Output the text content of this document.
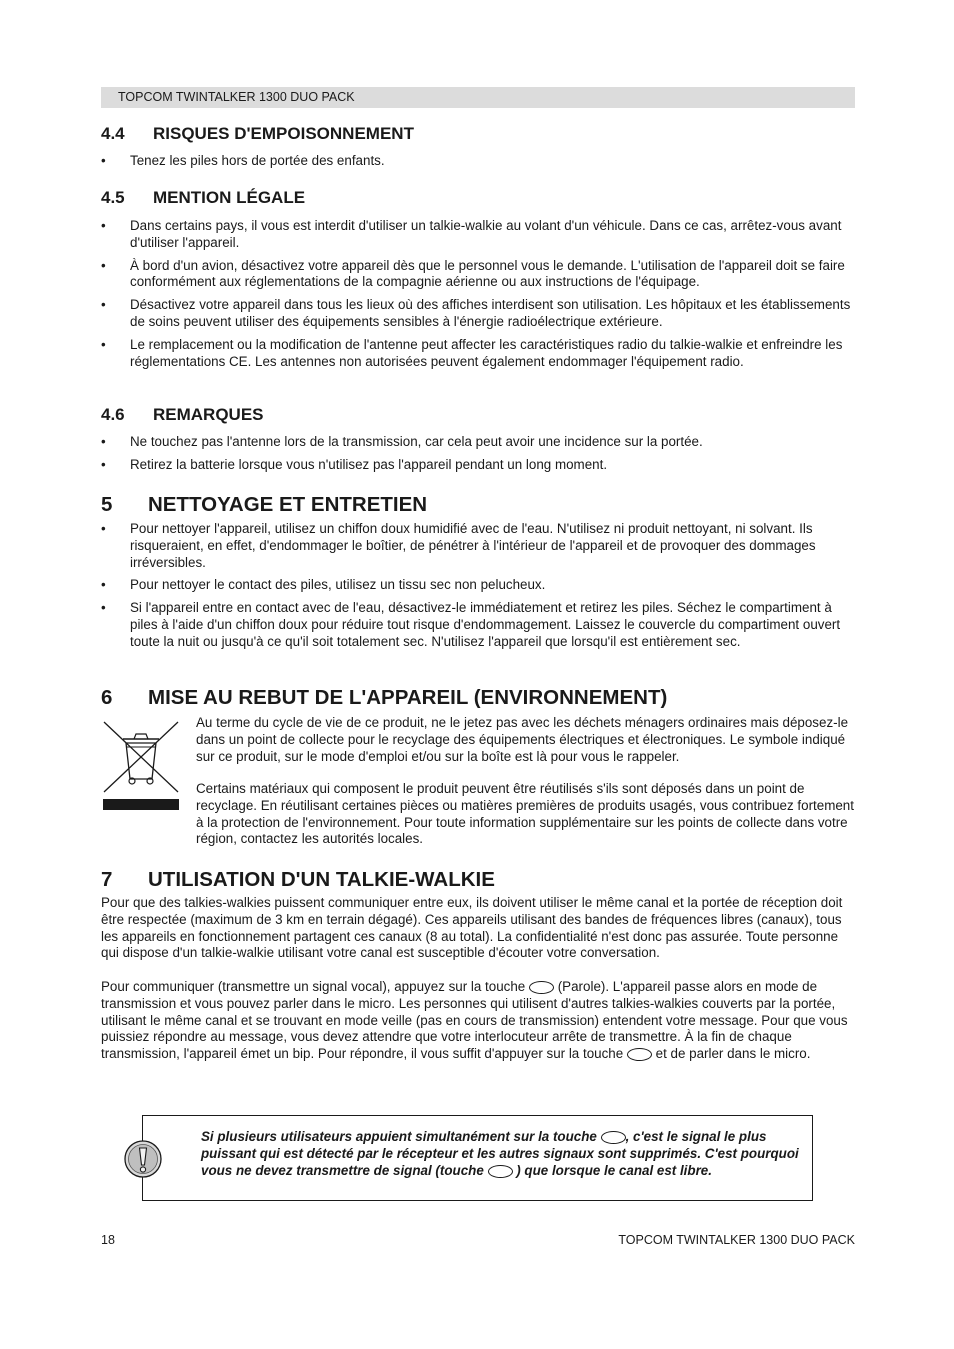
TOPCOM TWINTALKER 1300 DUO PACK
4.4 RISQUES D'EMPOISONNEMENT
• Tenez les piles hors de portée des enfants.
4.5 MENTION LÉGALE
• Dans certains pays, il vous est interdit d'utiliser un talkie-walkie au volant d'un véhicule. Dans ce cas, arrêtez-vous avant d'utiliser l'appareil.
• À bord d'un avion, désactivez votre appareil dès que le personnel vous le demande. L'utilisation de l'appareil doit se faire conformément aux réglementations de la compagnie aérienne ou aux instructions de l'équipage.
• Désactivez votre appareil dans tous les lieux où des affiches interdisent son utilisation. Les hôpitaux et les établissements de soins peuvent utiliser des équipements sensibles à l'énergie radioélectrique extérieure.
• Le remplacement ou la modification de l'antenne peut affecter les caractéristiques radio du talkie-walkie et enfreindre les réglementations CE. Les antennes non autorisées peuvent également endommager l'équipement radio.
4.6 REMARQUES
• Ne touchez pas l'antenne lors de la transmission, car cela peut avoir une incidence sur la portée.
• Retirez la batterie lorsque vous n'utilisez pas l'appareil pendant un long moment.
5 NETTOYAGE ET ENTRETIEN
• Pour nettoyer l'appareil, utilisez un chiffon doux humidifié avec de l'eau. N'utilisez ni produit nettoyant, ni solvant. Ils risqueraient, en effet, d'endommager le boîtier, de pénétrer à l'intérieur de l'appareil et de provoquer des dommages irréversibles.
• Pour nettoyer le contact des piles, utilisez un tissu sec non pelucheux.
• Si l'appareil entre en contact avec de l'eau, désactivez-le immédiatement et retirez les piles. Séchez le compartiment à piles à l'aide d'un chiffon doux pour réduire tout risque d'endommagement. Laissez le couvercle du compartiment ouvert toute la nuit ou jusqu'à ce qu'il soit totalement sec. N'utilisez l'appareil que lorsqu'il est entièrement sec.
6 MISE AU REBUT DE L'APPAREIL (ENVIRONNEMENT)
Au terme du cycle de vie de ce produit, ne le jetez pas avec les déchets ménagers ordinaires mais déposez-le dans un point de collecte pour le recyclage des équipements électriques et électroniques. Le symbole indiqué sur ce produit, sur le mode d'emploi et/ou sur la boîte est là pour vous le rappeler.
Certains matériaux qui composent le produit peuvent être réutilisés s'ils sont déposés dans un point de recyclage. En réutilisant certaines pièces ou matières premières de produits usagés, vous contribuez fortement à la protection de l'environnement. Pour toute information supplémentaire sur les points de collecte dans votre région, contactez les autorités locales.
7 UTILISATION D'UN TALKIE-WALKIE
Pour que des talkies-walkies puissent communiquer entre eux, ils doivent utiliser le même canal et la portée de réception doit être respectée (maximum de 3 km en terrain dégagé). Ces appareils utilisant des bandes de fréquences libres (canaux), tous les appareils en fonctionnement partagent ces canaux (8 au total). La confidentialité n'est donc pas assurée. Toute personne qui dispose d'un talkie-walkie utilisant votre canal est susceptible d'écouter votre conversation.
Pour communiquer (transmettre un signal vocal), appuyez sur la touche (Parole). L'appareil passe alors en mode de transmission et vous pouvez parler dans le micro. Les personnes qui utilisent d'autres talkies-walkies couverts par la portée, utilisant le même canal et se trouvant en mode veille (pas en cours de transmission) entendent votre message. Pour que vous puissiez répondre au message, vous devez attendre que votre interlocuteur arrête de transmettre. À la fin de chaque transmission, l'appareil émet un bip. Pour répondre, il vous suffit d'appuyer sur la touche et de parler dans le micro.
Si plusieurs utilisateurs appuient simultanément sur la touche , c'est le signal le plus puissant qui est détecté par le récepteur et les autres signaux sont supprimés. C'est pourquoi vous ne devez transmettre de signal (touche ) que lorsque le canal est libre.
18	TOPCOM TWINTALKER 1300 DUO PACK
